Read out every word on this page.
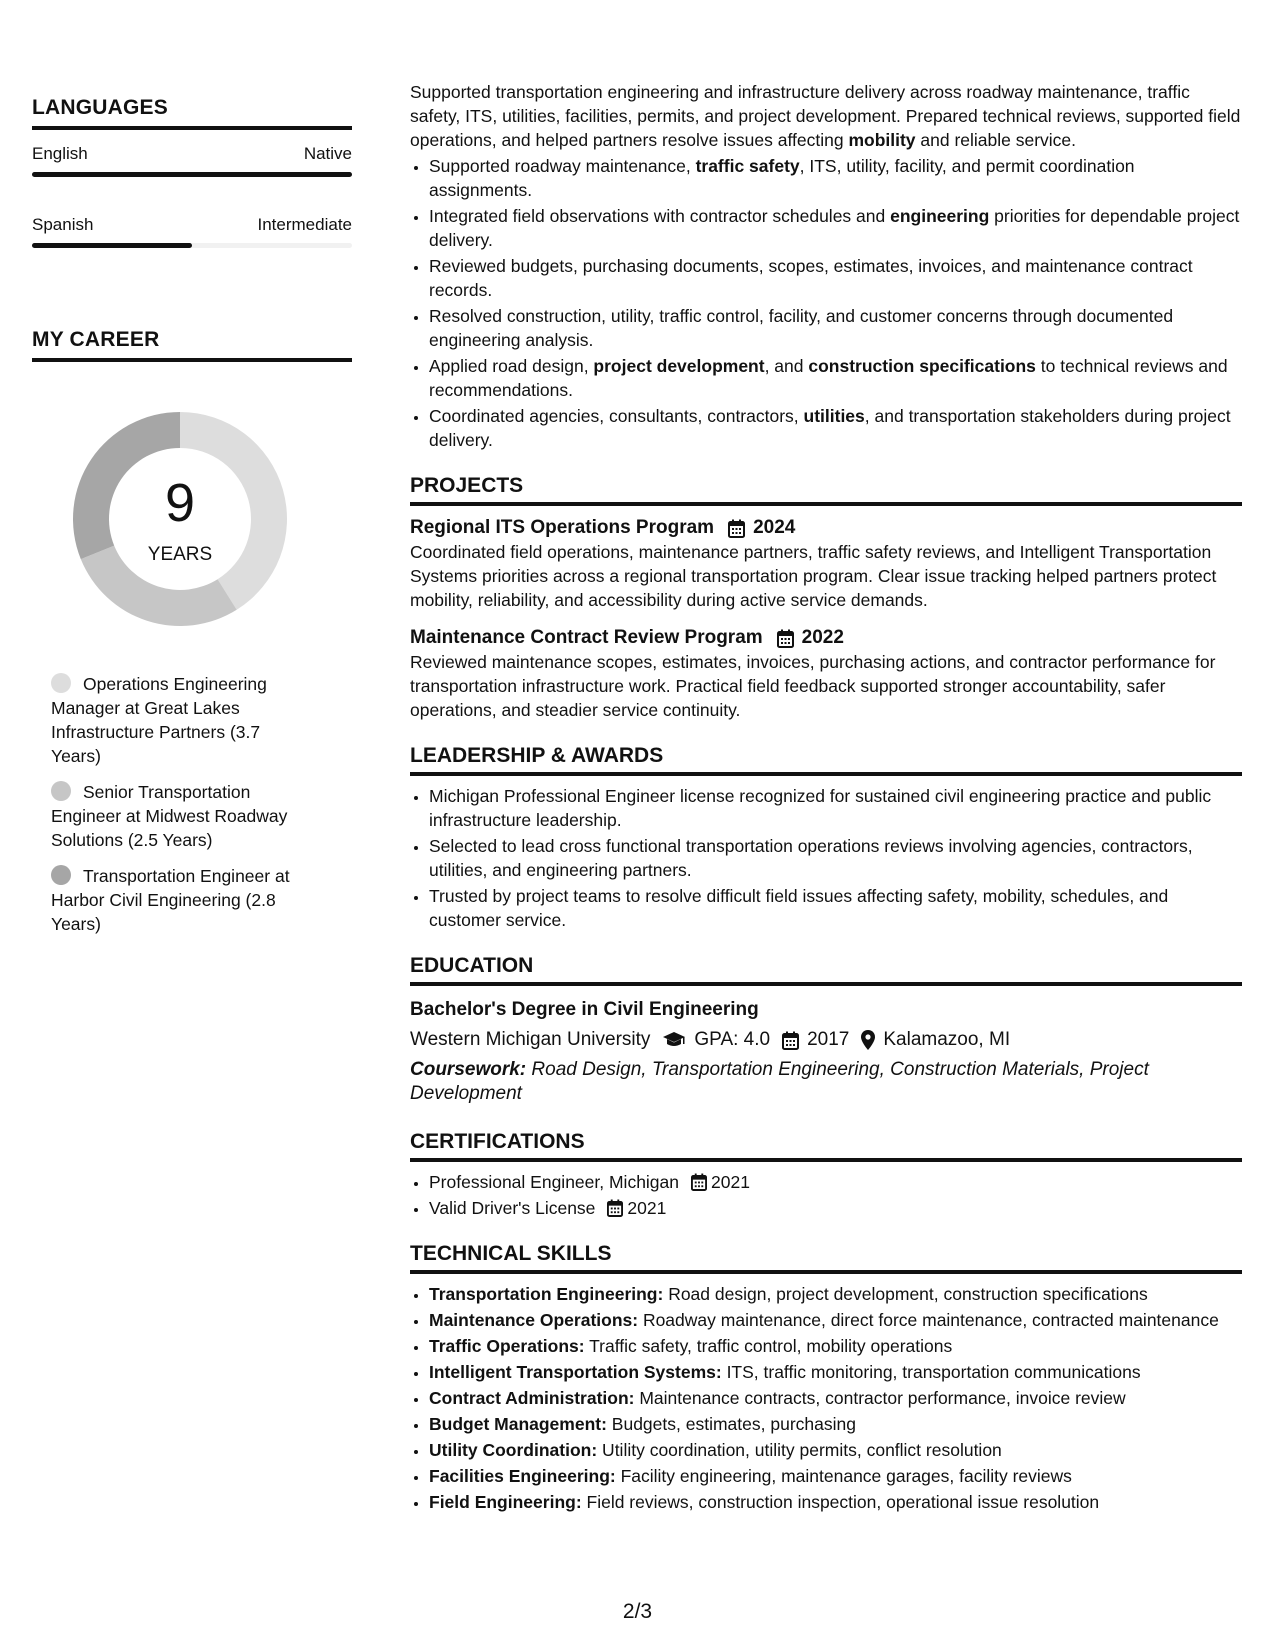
LANGUAGES
English	Native
Spanish	Intermediate
MY CAREER
9
YEARS
Operations Engineering Manager at Great Lakes Infrastructure Partners (3.7 Years)
Senior Transportation Engineer at Midwest Roadway Solutions (2.5 Years)
Transportation Engineer at Harbor Civil Engineering (2.8 Years)

Supported transportation engineering and infrastructure delivery across roadway maintenance, traffic safety, ITS, utilities, facilities, permits, and project development. Prepared technical reviews, supported field operations, and helped partners resolve issues affecting mobility and reliable service.

• Supported roadway maintenance, traffic safety, ITS, utility, facility, and permit coordination assignments.
• Integrated field observations with contractor schedules and engineering priorities for dependable project delivery.
• Reviewed budgets, purchasing documents, scopes, estimates, invoices, and maintenance contract records.
• Resolved construction, utility, traffic control, facility, and customer concerns through documented engineering analysis.
• Applied road design, project development, and construction specifications to technical reviews and recommendations.
• Coordinated agencies, consultants, contractors, utilities, and transportation stakeholders during project delivery.
PROJECTS
Regional ITS Operations Program 2024

Coordinated field operations, maintenance partners, traffic safety reviews, and Intelligent Transportation Systems priorities across a regional transportation program. Clear issue tracking helped partners protect mobility, reliability, and accessibility during active service demands.

Maintenance Contract Review Program 2022

Reviewed maintenance scopes, estimates, invoices, purchasing actions, and contractor performance for transportation infrastructure work. Practical field feedback supported stronger accountability, safer operations, and steadier service continuity.

LEADERSHIP & AWARDS
• Michigan Professional Engineer license recognized for sustained civil engineering practice and public infrastructure leadership.
• Selected to lead cross functional transportation operations reviews involving agencies, contractors, utilities, and engineering partners.
• Trusted by project teams to resolve difficult field issues affecting safety, mobility, schedules, and customer service.
EDUCATION
Bachelor's Degree in Civil Engineering
Western Michigan University GPA: 4.0 2017 Kalamazoo, MI
Coursework: Road Design, Transportation Engineering, Construction Materials, Project Development
CERTIFICATIONS
• Professional Engineer, Michigan 2021
• Valid Driver's License 2021
TECHNICAL SKILLS
• Transportation Engineering: Road design, project development, construction specifications
• Maintenance Operations: Roadway maintenance, direct force maintenance, contracted maintenance
• Traffic Operations: Traffic safety, traffic control, mobility operations
• Intelligent Transportation Systems: ITS, traffic monitoring, transportation communications
• Contract Administration: Maintenance contracts, contractor performance, invoice review
• Budget Management: Budgets, estimates, purchasing
• Utility Coordination: Utility coordination, utility permits, conflict resolution
• Facilities Engineering: Facility engineering, maintenance garages, facility reviews
• Field Engineering: Field reviews, construction inspection, operational issue resolution
2/3
